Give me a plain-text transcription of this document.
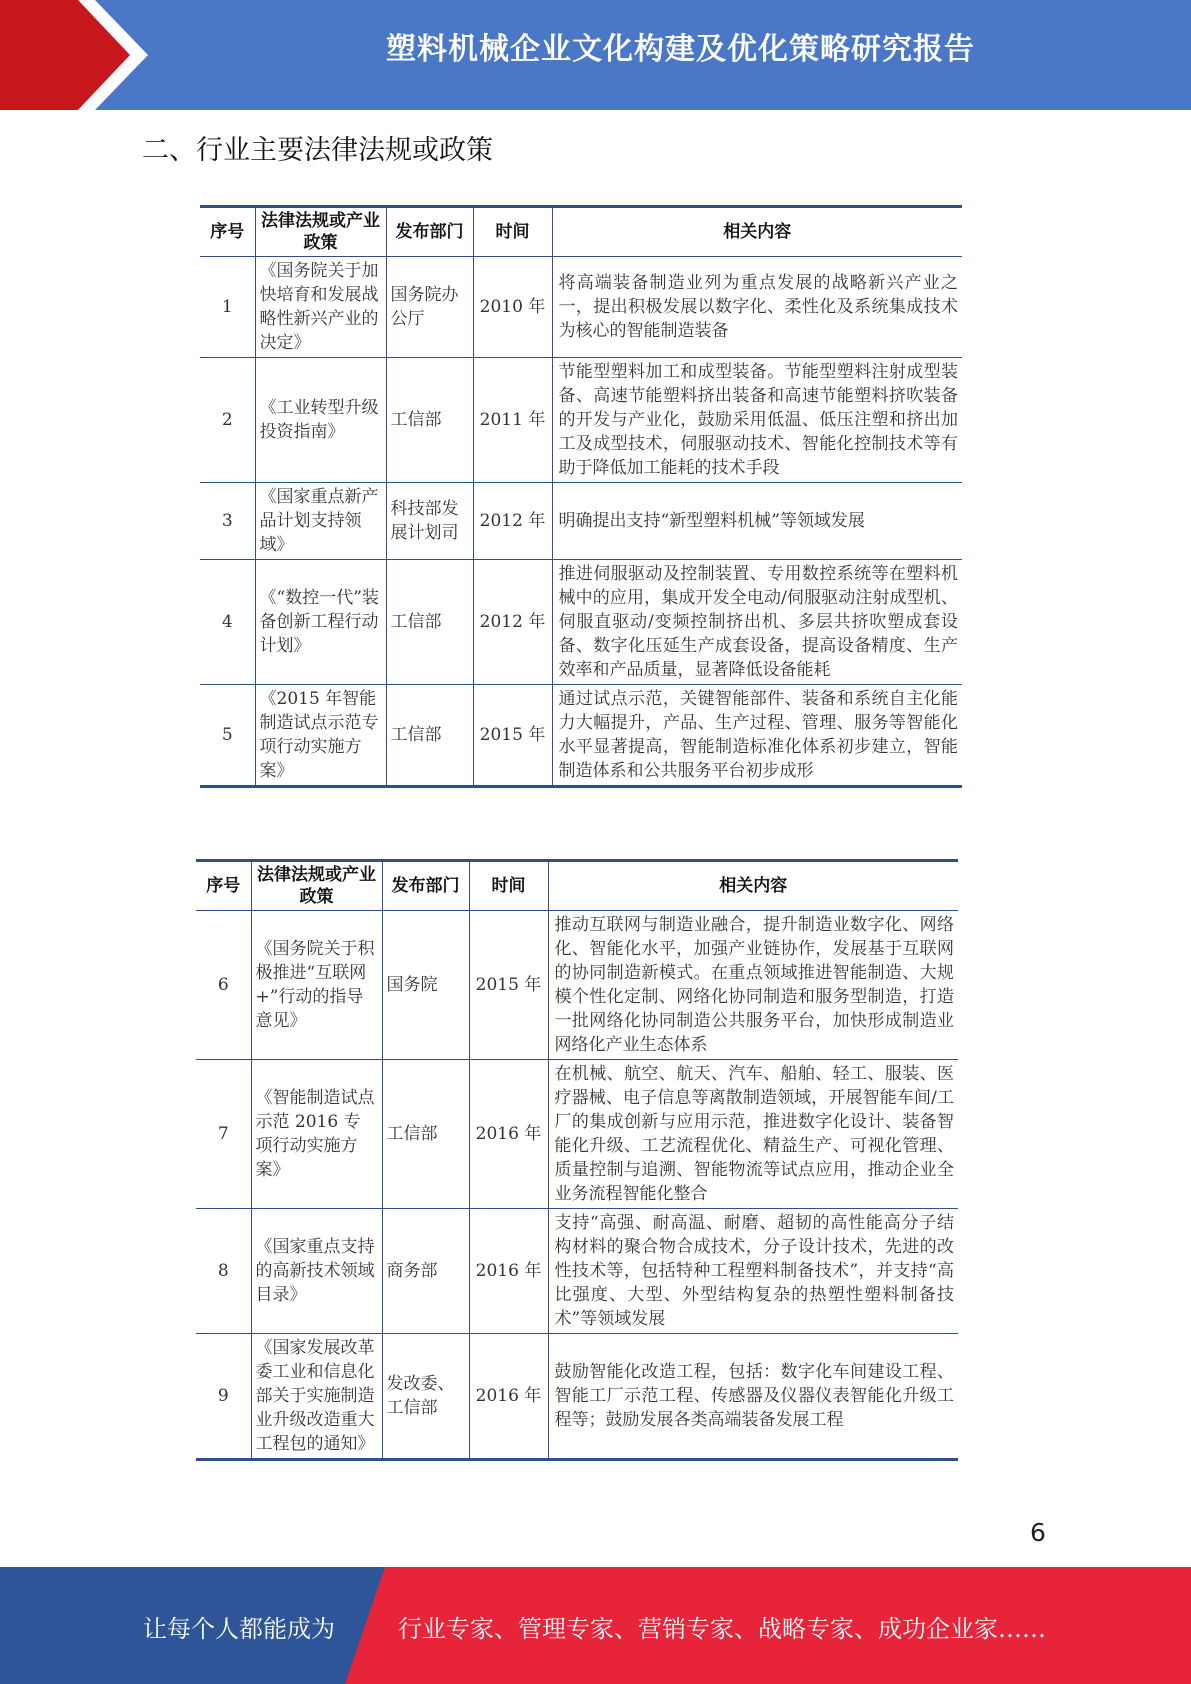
塑料机械企业文化构建及优化策略研究报告
二、行业主要法律法规或政策
序号	法律法规或产业政策	发布部门	时间	相关内容
1	《国务院关于加快培育和发展战略性新兴产业的决定》	国务院办公厅	2010 年	将高端装备制造业列为重点发展的战略新兴产业之一，提出积极发展以数字化、柔性化及系统集成技术为核心的智能制造装备
2	《工业转型升级投资指南》	工信部	2011 年	节能型塑料加工和成型装备。节能型塑料注射成型装备、高速节能塑料挤出装备和高速节能塑料挤吹装备的开发与产业化，鼓励采用低温、低压注塑和挤出加工及成型技术，伺服驱动技术、智能化控制技术等有助于降低加工能耗的技术手段
3	《国家重点新产品计划支持领域》	科技部发展计划司	2012 年	明确提出支持“新型塑料机械”等领域发展
4	《“数控一代”装备创新工程行动计划》	工信部	2012 年	推进伺服驱动及控制装置、专用数控系统等在塑料机械中的应用，集成开发全电动/伺服驱动注射成型机、伺服直驱动/变频控制挤出机、多层共挤吹塑成套设备、数字化压延生产成套设备，提高设备精度、生产效率和产品质量，显著降低设备能耗
5	《2015 年智能制造试点示范专项行动实施方案》	工信部	2015 年	通过试点示范，关键智能部件、装备和系统自主化能力大幅提升，产品、生产过程、管理、服务等智能化水平显著提高，智能制造标准化体系初步建立，智能制造体系和公共服务平台初步成形
序号	法律法规或产业政策	发布部门	时间	相关内容
6	《国务院关于积极推进“互联网+”行动的指导意见》	国务院	2015 年	推动互联网与制造业融合，提升制造业数字化、网络化、智能化水平，加强产业链协作，发展基于互联网的协同制造新模式。在重点领域推进智能制造、大规模个性化定制、网络化协同制造和服务型制造，打造一批网络化协同制造公共服务平台，加快形成制造业网络化产业生态体系
7	《智能制造试点示范 2016 专项行动实施方案》	工信部	2016 年	在机械、航空、航天、汽车、船舶、轻工、服装、医疗器械、电子信息等离散制造领域，开展智能车间/工厂的集成创新与应用示范，推进数字化设计、装备智能化升级、工艺流程优化、精益生产、可视化管理、质量控制与追溯、智能物流等试点应用，推动企业全业务流程智能化整合
8	《国家重点支持的高新技术领域目录》	商务部	2016 年	支持“高强、耐高温、耐磨、超韧的高性能高分子结构材料的聚合物合成技术，分子设计技术，先进的改性技术等，包括特种工程塑料制备技术”，并支持“高比强度、大型、外型结构复杂的热塑性塑料制备技术”等领域发展
9	《国家发展改革委工业和信息化部关于实施制造业升级改造重大工程包的通知》	发改委、工信部	2016 年	鼓励智能化改造工程，包括：数字化车间建设工程、智能工厂示范工程、传感器及仪器仪表智能化升级工程等；鼓励发展各类高端装备发展工程
6
让每个人都能成为	行业专家、管理专家、营销专家、战略专家、成功企业家……
